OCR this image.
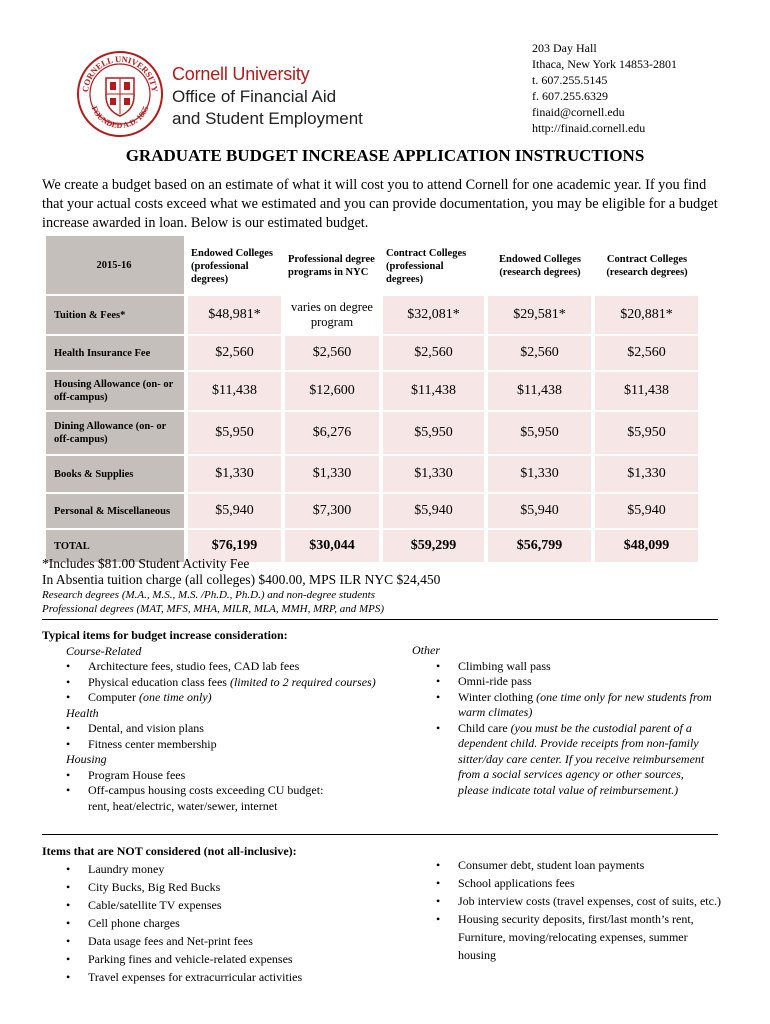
CORNELL UNIVERSITY
FOUNDED A.D. 1865
Cornell University
Office of Financial Aid
and Student Employment
203 Day Hall
Ithaca, New York 14853-2801
t. 607.255.5145
f. 607.255.6329
finaid@cornell.edu
http://finaid.cornell.edu
GRADUATE BUDGET INCREASE APPLICATION INSTRUCTIONS
We create a budget based on an estimate of what it will cost you to attend Cornell for one academic year. If you find that your actual costs exceed what we estimated and you can provide documentation, you may be eligible for a budget increase awarded in loan. Below is our estimated budget.
2015-16	Endowed Colleges (professional degrees)	Professional degree programs in NYC	Contract Colleges (professional degrees)	Endowed Colleges (research degrees)	Contract Colleges (research degrees)
Tuition & Fees*	$48,981*	varies on degree program	$32,081*	$29,581*	$20,881*
Health Insurance Fee	$2,560	$2,560	$2,560	$2,560	$2,560
Housing Allowance (on- or off-campus)	$11,438	$12,600	$11,438	$11,438	$11,438
Dining Allowance (on- or off-campus)	$5,950	$6,276	$5,950	$5,950	$5,950
Books & Supplies	$1,330	$1,330	$1,330	$1,330	$1,330
Personal & Miscellaneous	$5,940	$7,300	$5,940	$5,940	$5,940
TOTAL	$76,199	$30,044	$59,299	$56,799	$48,099
*Includes $81.00 Student Activity Fee
In Absentia tuition charge (all colleges) $400.00, MPS ILR NYC $24,450
Research degrees (M.A., M.S., M.S. /Ph.D., Ph.D.) and non-degree students
Professional degrees (MAT, MFS, MHA, MILR, MLA, MMH, MRP, and MPS)
Typical items for budget increase consideration:
Course-Related
• Architecture fees, studio fees, CAD lab fees
• Physical education class fees (limited to 2 required courses)
• Computer (one time only)
Health
• Dental, and vision plans
• Fitness center membership
Housing
• Program House fees
• Off-campus housing costs exceeding CU budget: rent, heat/electric, water/sewer, internet
Other
• Climbing wall pass
• Omni-ride pass
• Winter clothing (one time only for new students from warm climates)
• Child care (you must be the custodial parent of a dependent child. Provide receipts from non-family sitter/day care center. If you receive reimbursement from a social services agency or other sources, please indicate total value of reimbursement.)
Items that are NOT considered (not all-inclusive):
• Laundry money
• City Bucks, Big Red Bucks
• Cable/satellite TV expenses
• Cell phone charges
• Data usage fees and Net-print fees
• Parking fines and vehicle-related expenses
• Travel expenses for extracurricular activities
• Consumer debt, student loan payments
• School applications fees
• Job interview costs (travel expenses, cost of suits, etc.)
• Housing security deposits, first/last month’s rent, Furniture, moving/relocating expenses, summer housing
